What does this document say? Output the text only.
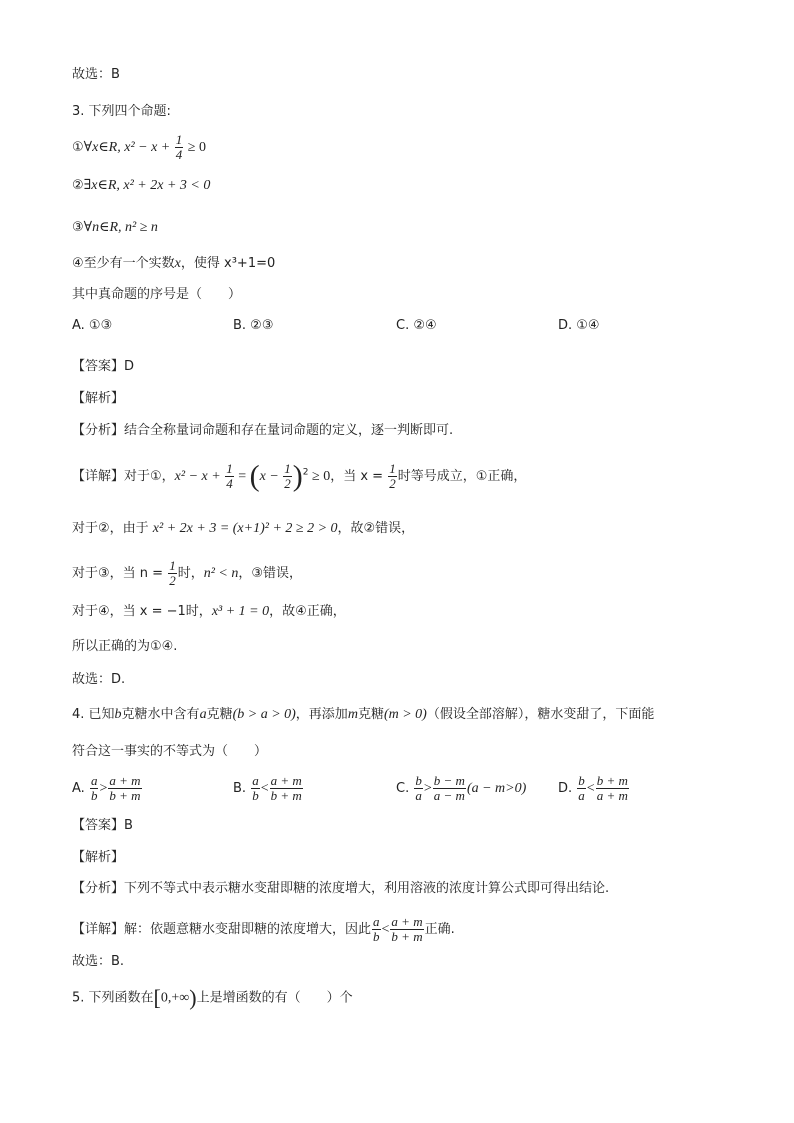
故选：B
3. 下列四个命题:
①∀x∈R, $x^2 - x + \frac{1}{4} \ge 0$
②∃x∈R, x² + 2x + 3 < 0
③∀n∈R, n² ≥ n
④至少有一个实数x，使得 x³+1=0
其中真命题的序号是（　　）
A. ①③	B. ②③	C. ②④	D. ①④
【答案】D
【解析】
【分析】结合全称量词命题和存在量词命题的定义，逐一判断即可.
【详解】对于①，$x^2 - x + \frac{1}{4} = (x - \frac{1}{2} )^2 \ge 0$，当 $x = \frac{1}{2}$ 时等号成立，①正确，
对于②，由于 x² + 2x + 3 = (x+1)² + 2 ≥ 2 > 0，故②错误，
对于③，当 $n = \frac{1}{2}$ 时，n² < n，③错误，
对于④，当 x = −1时，x³ + 1 = 0，故④正确，
所以正确的为①④.
故选：D.
4. 已知b克糖水中含有a克糖(b > a > 0)，再添加m克糖(m > 0)（假设全部溶解），糖水变甜了，下面能
符合这一事实的不等式为（　　）
A. $\frac{a}{b} > \frac{a + m}{b + m}$	B. $\frac{a}{b} < \frac{a + m}{b + m}$	C. $\frac{b}{a} > \frac{b - m}{a - m} (a - m>0)$ D. $\frac{b}{a} < \frac{b + m}{a + m}$
【答案】B
【解析】
【分析】下列不等式中表示糖水变甜即糖的浓度增大，利用溶液的浓度计算公式即可得出结论.
【详解】解：依题意糖水变甜即糖的浓度增大，因此 $\frac{a}{b} < \frac{a + m}{b + m}$ 正确.
故选：B.
5. 下列函数在[0,+∞)上是增函数的有（　　）个
